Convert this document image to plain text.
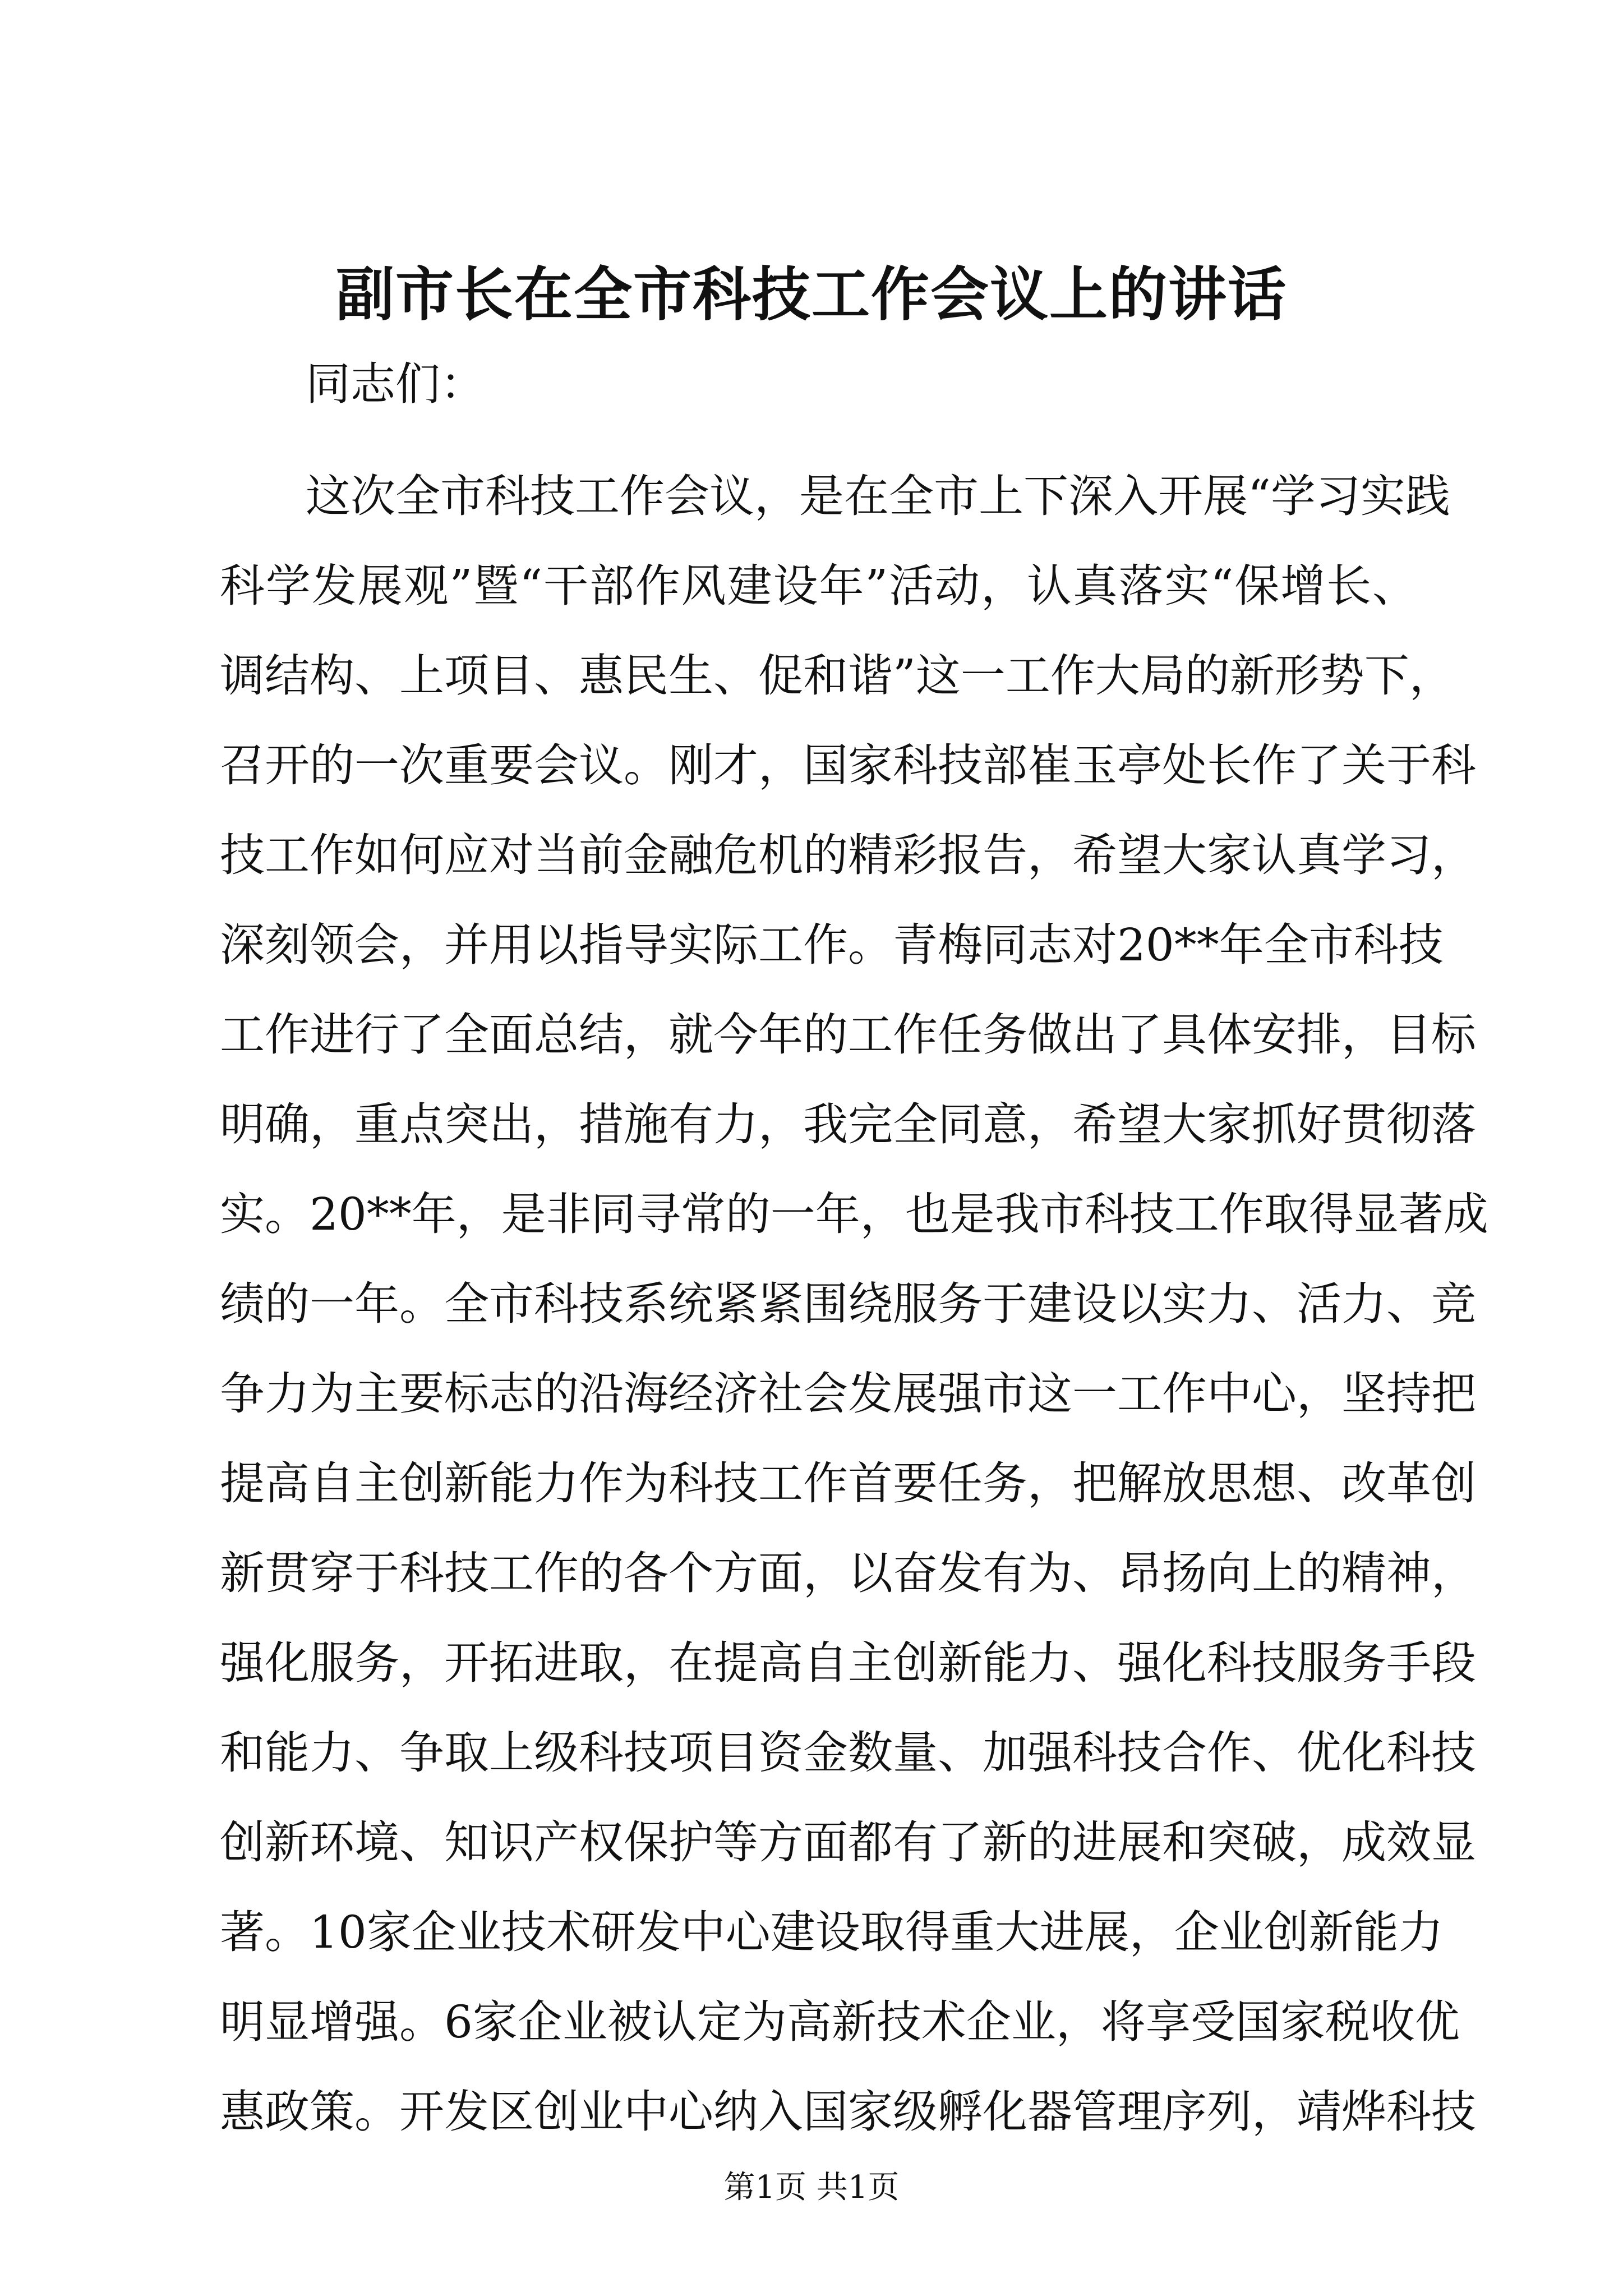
副市长在全市科技工作会议上的讲话
同志们：
这次全市科技工作会议，是在全市上下深入开展“学习实践
科学发展观”暨“干部作风建设年”活动，认真落实“保增长、
调结构、上项目、惠民生、促和谐”这一工作大局的新形势下，
召开的一次重要会议。刚才，国家科技部崔玉亭处长作了关于科
技工作如何应对当前金融危机的精彩报告，希望大家认真学习，
深刻领会，并用以指导实际工作。青梅同志对20**年全市科技
工作进行了全面总结，就今年的工作任务做出了具体安排，目标
明确，重点突出，措施有力，我完全同意，希望大家抓好贯彻落
实。20**年，是非同寻常的一年，也是我市科技工作取得显著成
绩的一年。全市科技系统紧紧围绕服务于建设以实力、活力、竞
争力为主要标志的沿海经济社会发展强市这一工作中心，坚持把
提高自主创新能力作为科技工作首要任务，把解放思想、改革创
新贯穿于科技工作的各个方面，以奋发有为、昂扬向上的精神，
强化服务，开拓进取，在提高自主创新能力、强化科技服务手段
和能力、争取上级科技项目资金数量、加强科技合作、优化科技
创新环境、知识产权保护等方面都有了新的进展和突破，成效显
著。10家企业技术研发中心建设取得重大进展，企业创新能力
明显增强。6家企业被认定为高新技术企业，将享受国家税收优
惠政策。开发区创业中心纳入国家级孵化器管理序列，靖烨科技
第1页 共1页
